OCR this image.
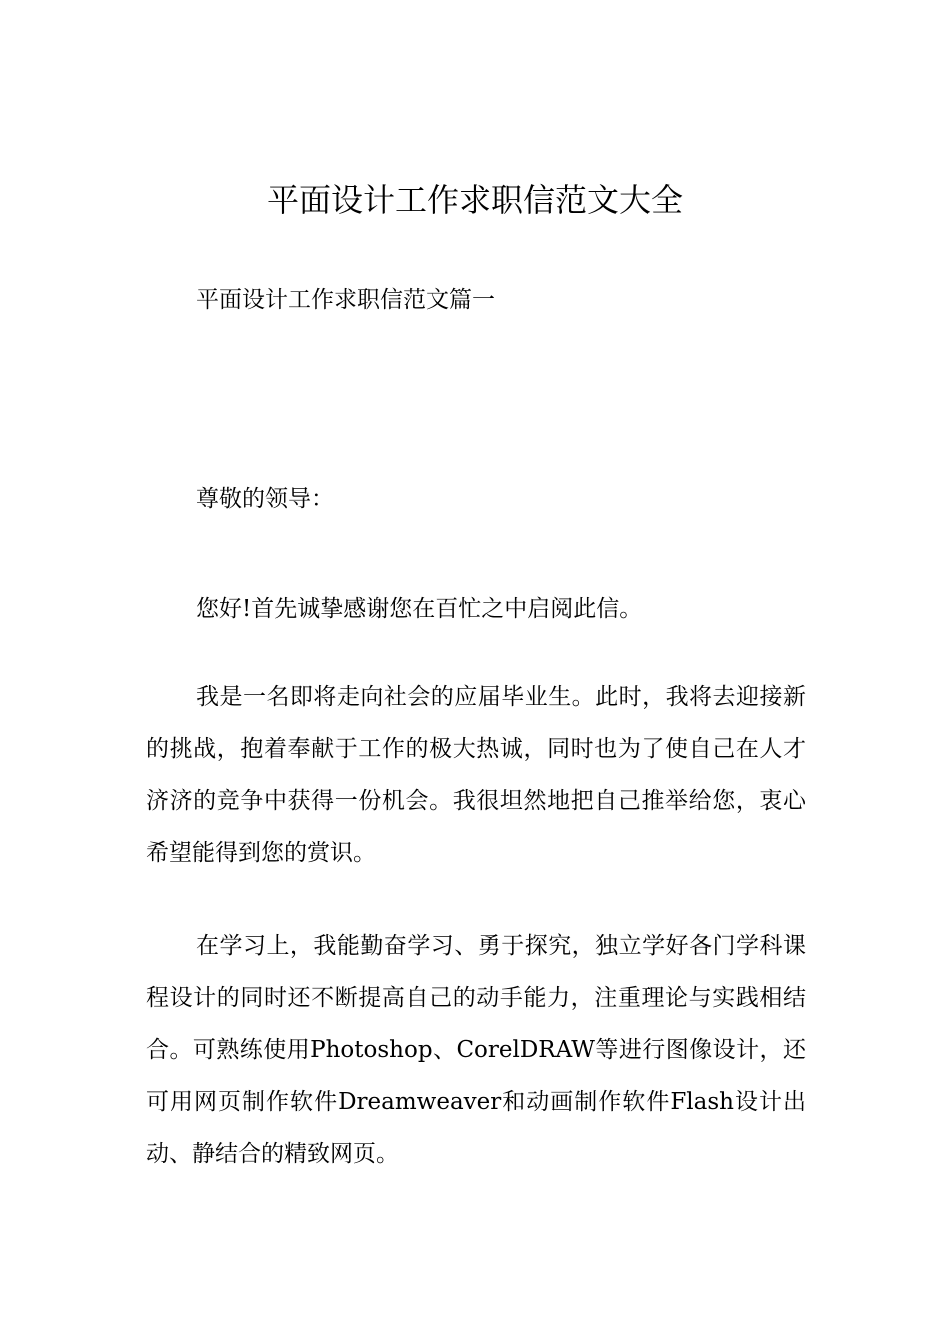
平面设计工作求职信范文大全

平面设计工作求职信范文篇一

尊敬的领导：

您好!首先诚挚感谢您在百忙之中启阅此信。

我是一名即将走向社会的应届毕业生。此时，我将去迎接新的挑战，抱着奉献于工作的极大热诚，同时也为了使自己在人才济济的竞争中获得一份机会。我很坦然地把自己推举给您，衷心希望能得到您的赏识。

在学习上，我能勤奋学习、勇于探究，独立学好各门学科课程设计的同时还不断提高自己的动手能力，注重理论与实践相结合。可熟练使用Photoshop、CorelDRAW等进行图像设计，还可用网页制作软件Dreamweaver和动画制作软件Flash设计出动、静结合的精致网页。
